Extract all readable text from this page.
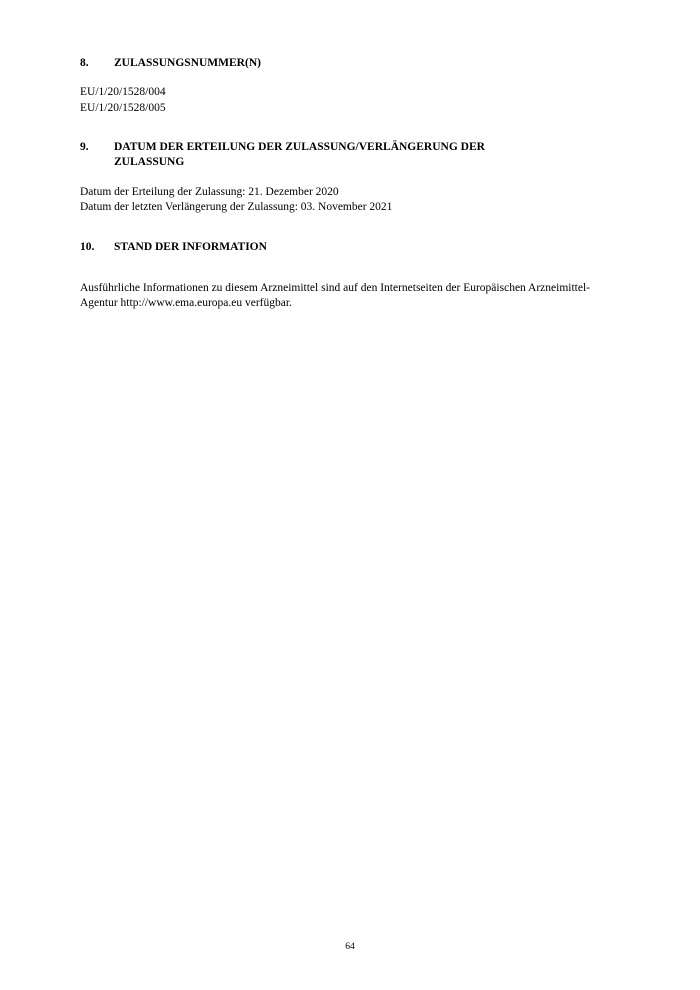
8.	ZULASSUNGSNUMMER(N)
EU/1/20/1528/004
EU/1/20/1528/005
9.	DATUM DER ERTEILUNG DER ZULASSUNG/VERLÄNGERUNG DER ZULASSUNG
Datum der Erteilung der Zulassung: 21. Dezember 2020
Datum der letzten Verlängerung der Zulassung: 03. November 2021
10.	STAND DER INFORMATION
Ausführliche Informationen zu diesem Arzneimittel sind auf den Internetseiten der Europäischen Arzneimittel-Agentur http://www.ema.europa.eu verfügbar.
64
